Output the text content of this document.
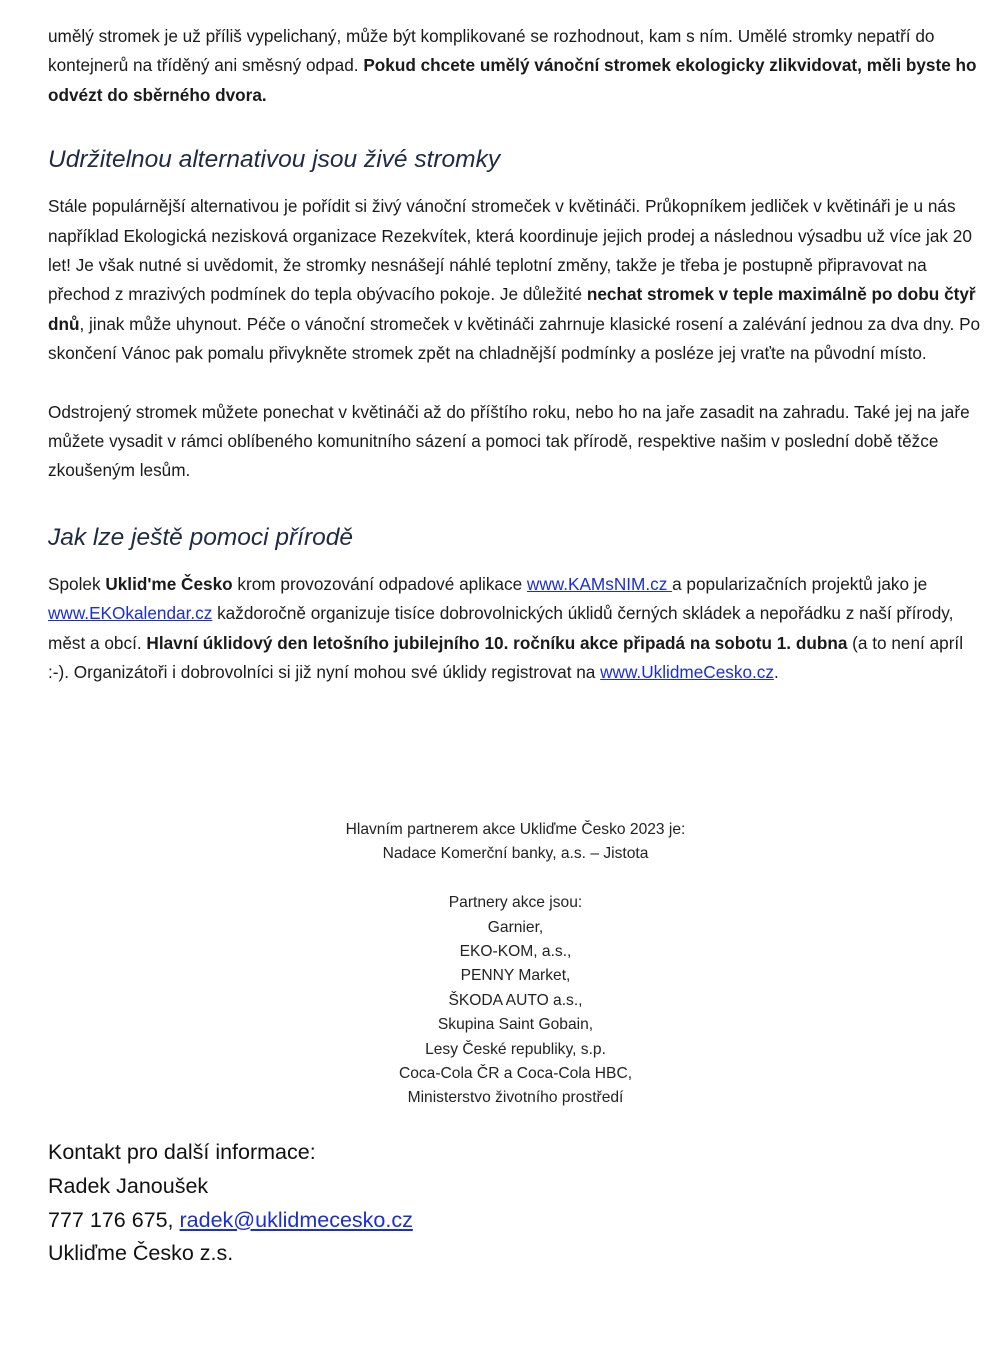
umělý stromek je už příliš vypelichaný, může být komplikované se rozhodnout, kam s ním. Umělé stromky nepatří do kontejnerů na tříděný ani směsný odpad. Pokud chcete umělý vánoční stromek ekologicky zlikvidovat, měli byste ho odvézt do sběrného dvora.

Udržitelnou alternativou jsou živé stromky

Stále populárnější alternativou je pořídit si živý vánoční stromeček v květináči. Průkopníkem jedliček v květináři je u nás například Ekologická nezisková organizace Rezekvítek, která koordinuje jejich prodej a následnou výsadbu už více jak 20 let! Je však nutné si uvědomit, že stromky nesnášejí náhlé teplotní změny, takže je třeba je postupně připravovat na přechod z mrazivých podmínek do tepla obývacího pokoje. Je důležité nechat stromek v teple maximálně po dobu čtyř dnů, jinak může uhynout. Péče o vánoční stromeček v květináči zahrnuje klasické rosení a zalévání jednou za dva dny. Po skončení Vánoc pak pomalu přivykněte stromek zpět na chladnější podmínky a posléze jej vraťte na původní místo.

Odstrojený stromek můžete ponechat v květináči až do příštího roku, nebo ho na jaře zasadit na zahradu. Také jej na jaře můžete vysadit v rámci oblíbeného komunitního sázení a pomoci tak přírodě, respektive našim v poslední době těžce zkoušeným lesům.

Jak lze ještě pomoci přírodě

Spolek Uklid'me Česko krom provozování odpadové aplikace www.KAMsNIM.cz a popularizačních projektů jako je www.EKOkalendar.cz každoročně organizuje tisíce dobrovolnických úklidů černých skládek a nepořádku z naší přírody, měst a obcí. Hlavní úklidový den letošního jubilejního 10. ročníku akce připadá na sobotu 1. dubna (a to není apríl :-). Organizátoři i dobrovolníci si již nyní mohou své úklidy registrovat na www.UklidmeCesko.cz.

Hlavním partnerem akce Ukliďme Česko 2023 je:
Nadace Komerční banky, a.s. – Jistota
Partnery akce jsou:
Garnier,
EKO-KOM, a.s.,
PENNY Market,
ŠKODA AUTO a.s.,
Skupina Saint Gobain,
Lesy České republiky, s.p.
Coca-Cola ČR a Coca-Cola HBC,
Ministerstvo životního prostředí
Kontakt pro další informace:
Radek Janoušek
777 176 675, radek@uklidmecesko.cz
Ukliďme Česko z.s.
